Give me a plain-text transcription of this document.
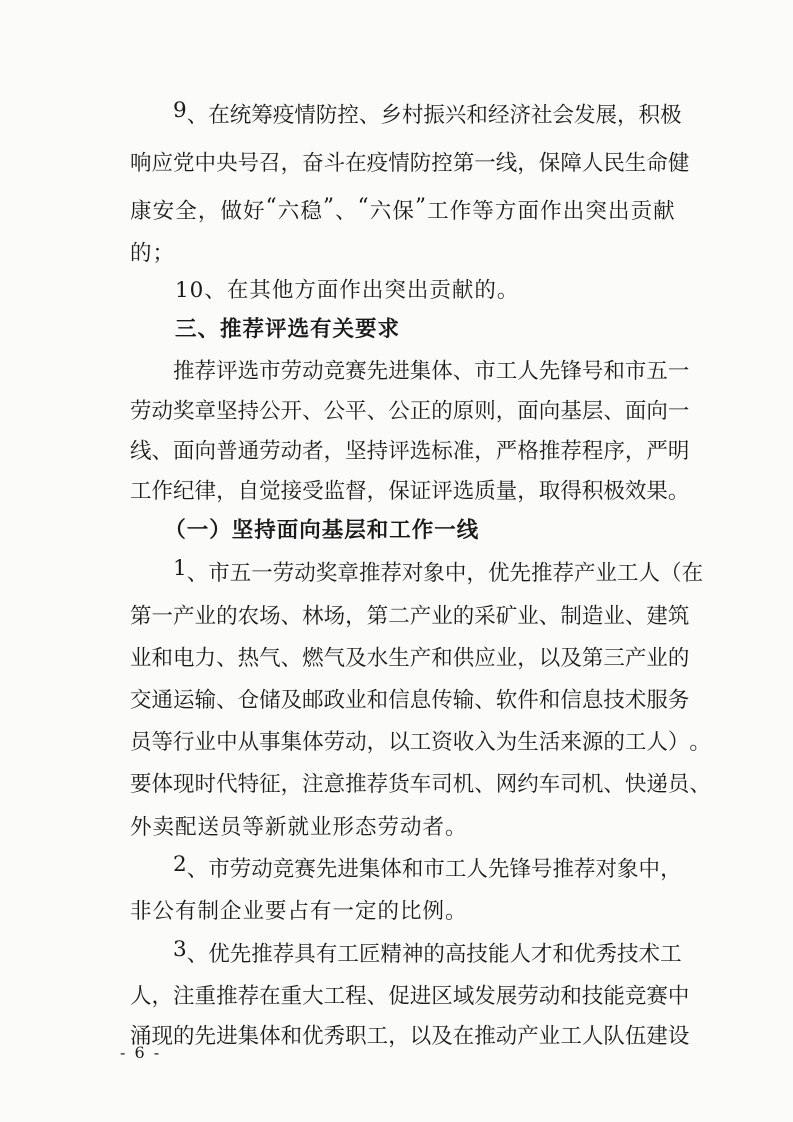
9 、 在 统 筹 疫 情 防 控 、 乡 村 振 兴 和 经 济 社 会 发 展 ， 积 极
响 应 党 中 央 号 召 ， 奋 斗 在 疫 情 防 控 第 一 线 ， 保 障 人 民 生 命 健
康 安 全 ， 做 好 “ 六 稳 ” 、 “ 六 保 ” 工 作 等 方 面 作 出 突 出 贡 献
的；
　　10、在其他方面作出突出贡献的。
　　三、推荐评选有关要求

推 荐 评 选 市 劳 动 竞 赛 先 进 集 体 、 市 工 人 先 锋 号 和 市 五 一
劳 动 奖 章 坚 持 公 开 、 公 平 、 公 正 的 原 则 ， 面 向 基 层 、 面 向 一
线 、 面 向 普 通 劳 动 者 ， 坚 持 评 选 标 准 ， 严 格 推 荐 程 序 ， 严 明
工 作 纪 律 ， 自 觉 接 受 监 督 ， 保 证 评 选 质 量 ， 取 得 积 极 效 果 。
　　（一）坚持面向基层和工作一线

1 、 市 五 一 劳 动 奖 章 推 荐 对 象 中 ， 优 先 推 荐 产 业 工 人 （ 在
第 一 产 业 的 农 场 、 林 场 ， 第 二 产 业 的 采 矿 业 、 制 造 业 、 建 筑
业 和 电 力 、 热 气 、 燃 气 及 水 生 产 和 供 应 业 ， 以 及 第 三 产 业 的
交 通 运 输 、 仓 储 及 邮 政 业 和 信 息 传 输 、 软 件 和 信 息 技 术 服 务
员 等 行 业 中 从 事 集 体 劳 动 ， 以 工 资 收 入 为 生 活 来 源 的 工 人 ） 。
要 体 现 时 代 特 征 ， 注 意 推 荐 货 车 司 机 、 网 约 车 司 机 、 快 递 员 、
外卖配送员等新就业形态劳动者。

2 、 市 劳 动 竞 赛 先 进 集 体 和 市 工 人 先 锋 号 推 荐 对 象 中 ，
非公有制企业要占有一定的比例。

3 、 优 先 推 荐 具 有 工 匠 精 神 的 高 技 能 人 才 和 优 秀 技 术 工
人 ， 注 重 推 荐 在 重 大 工 程 、 促 进 区 域 发 展 劳 动 和 技 能 竞 赛 中
涌 现 的 先 进 集 体 和 优 秀 职 工 ， 以 及 在 推 动 产 业 工 人 队 伍 建 设
- 6 -
